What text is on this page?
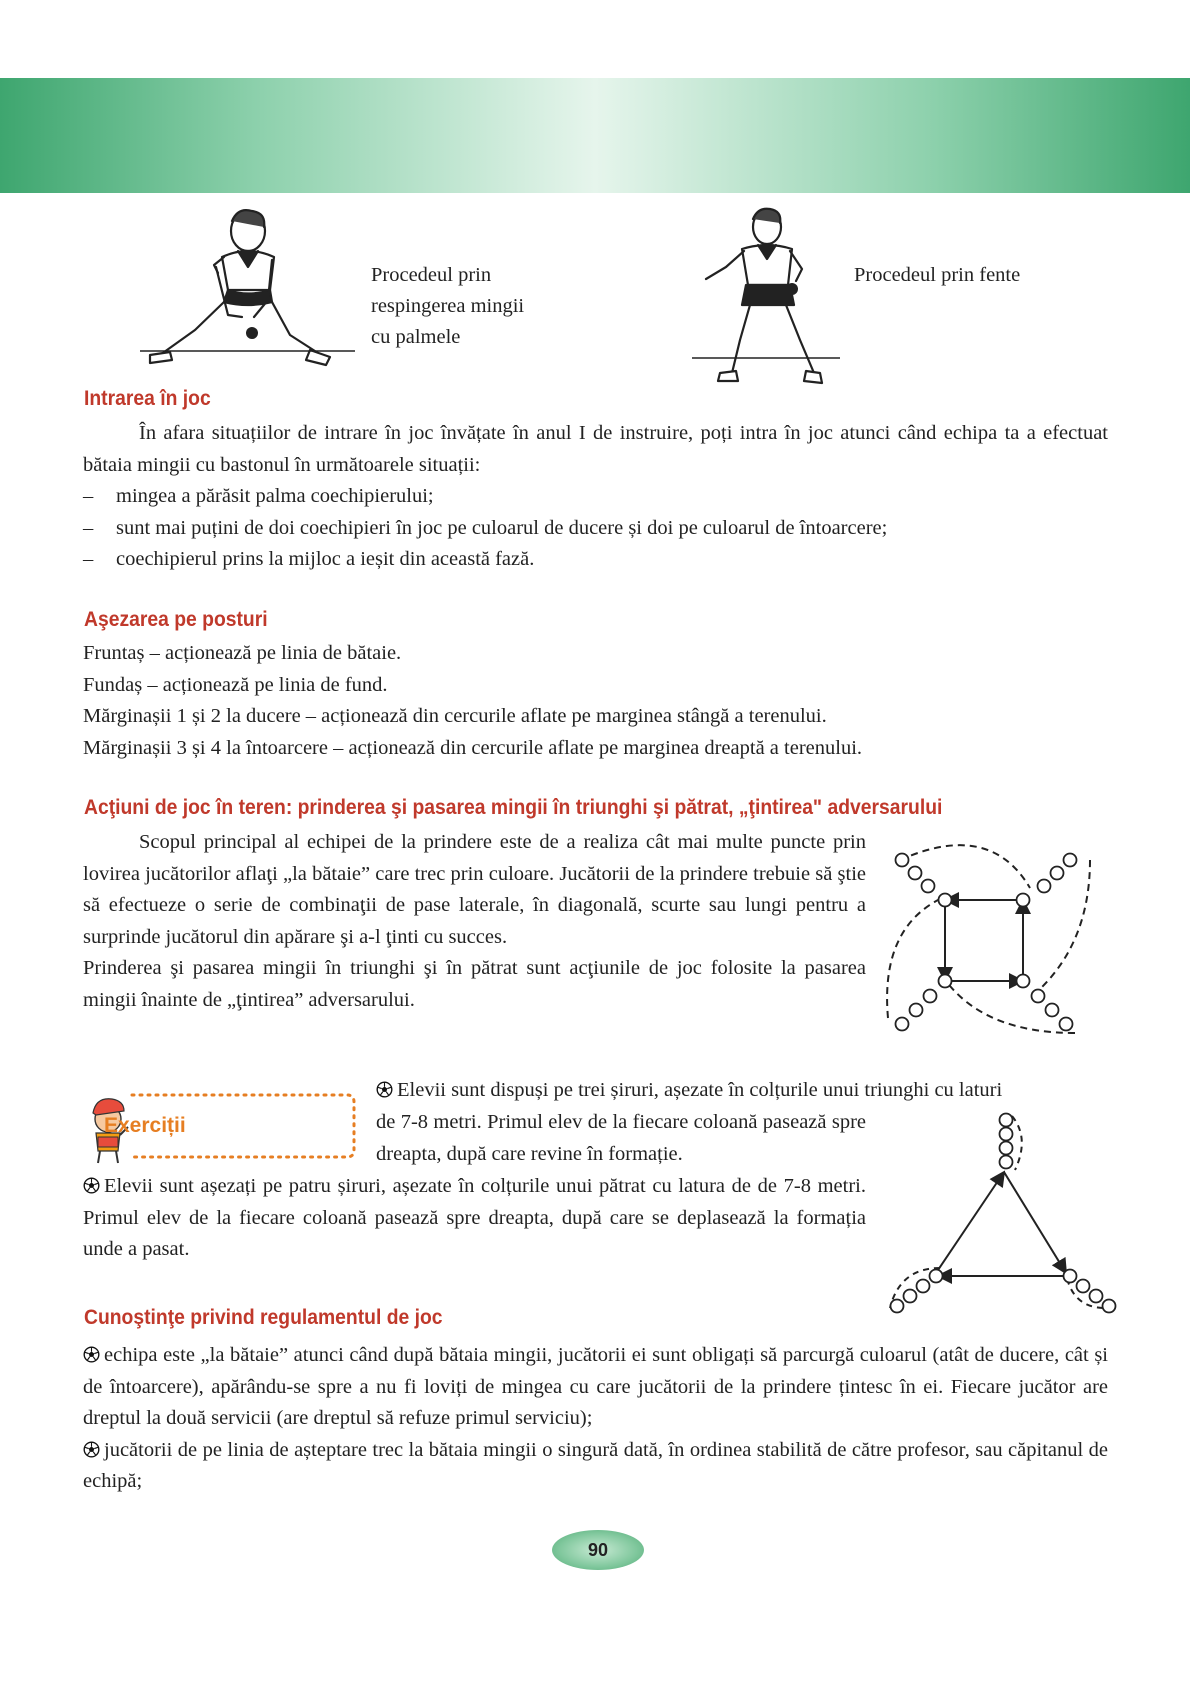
Procedeul prin
respingerea mingii
cu palmele
Procedeul prin fente
Intrarea în joc

În afara situațiilor de intrare în joc învățate în anul I de instruire, poți intra în joc atunci când echipa ta a efectuat bătaia mingii cu bastonul în următoarele situații:

– mingea a părăsit palma coechipierului;

– sunt mai puțini de doi coechipieri în joc pe culoarul de ducere și doi pe culoarul de întoarcere;

– coechipierul prins la mijloc a ieșit din această fază.

Aşezarea pe posturi

Fruntaș – acționează pe linia de bătaie.

Fundaș – acționează pe linia de fund.

Mărginașii 1 și 2 la ducere – acționează din cercurile aflate pe marginea stângă a terenului.

Mărginașii 3 și 4 la întoarcere – acționează din cercurile aflate pe marginea dreaptă a terenului.

Acţiuni de joc în teren: prinderea şi pasarea mingii în triunghi şi pătrat, „ţintirea" adversarului

Scopul principal al echipei de la prindere este de a realiza cât mai multe puncte prin lovirea jucătorilor aflaţi „la bătaie” care trec prin culoare. Jucătorii de la prindere trebuie să ştie să efectueze o serie de combinaţii de pase laterale, în diagonală, scurte sau lungi pentru a surprinde jucătorul din apărare şi a-l ţinti cu succes.

Prinderea şi pasarea mingii în triunghi şi în pătrat sunt acţiunile de joc folosite la pasarea mingii înainte de „ţintirea” adversarului.

Exerciții
Elevii sunt dispuși pe trei șiruri, așezate în colțurile unui triunghi cu laturi
de 7-8 metri. Primul elev de la fiecare coloană pasează spre dreapta, după care revine în formație.
Elevii sunt așezați pe patru șiruri, așezate în colțurile unui pătrat cu latura de de 7-8 metri. Primul elev de la fiecare coloană pasează spre dreapta, după care se deplasează la formația unde a pasat.
Cunoştinţe privind regulamentul de joc

echipa este „la bătaie” atunci când după bătaia mingii, jucătorii ei sunt obligați să parcurgă culoarul (atât de ducere, cât și de întoarcere), apărându-se spre a nu fi loviți de mingea cu care jucătorii de la prindere țintesc în ei. Fiecare jucător are dreptul la două servicii (are dreptul să refuze primul serviciu);

jucătorii de pe linia de așteptare trec la bătaia mingii o singură dată, în ordinea stabilită de către profesor, sau căpitanul de echipă;

90
